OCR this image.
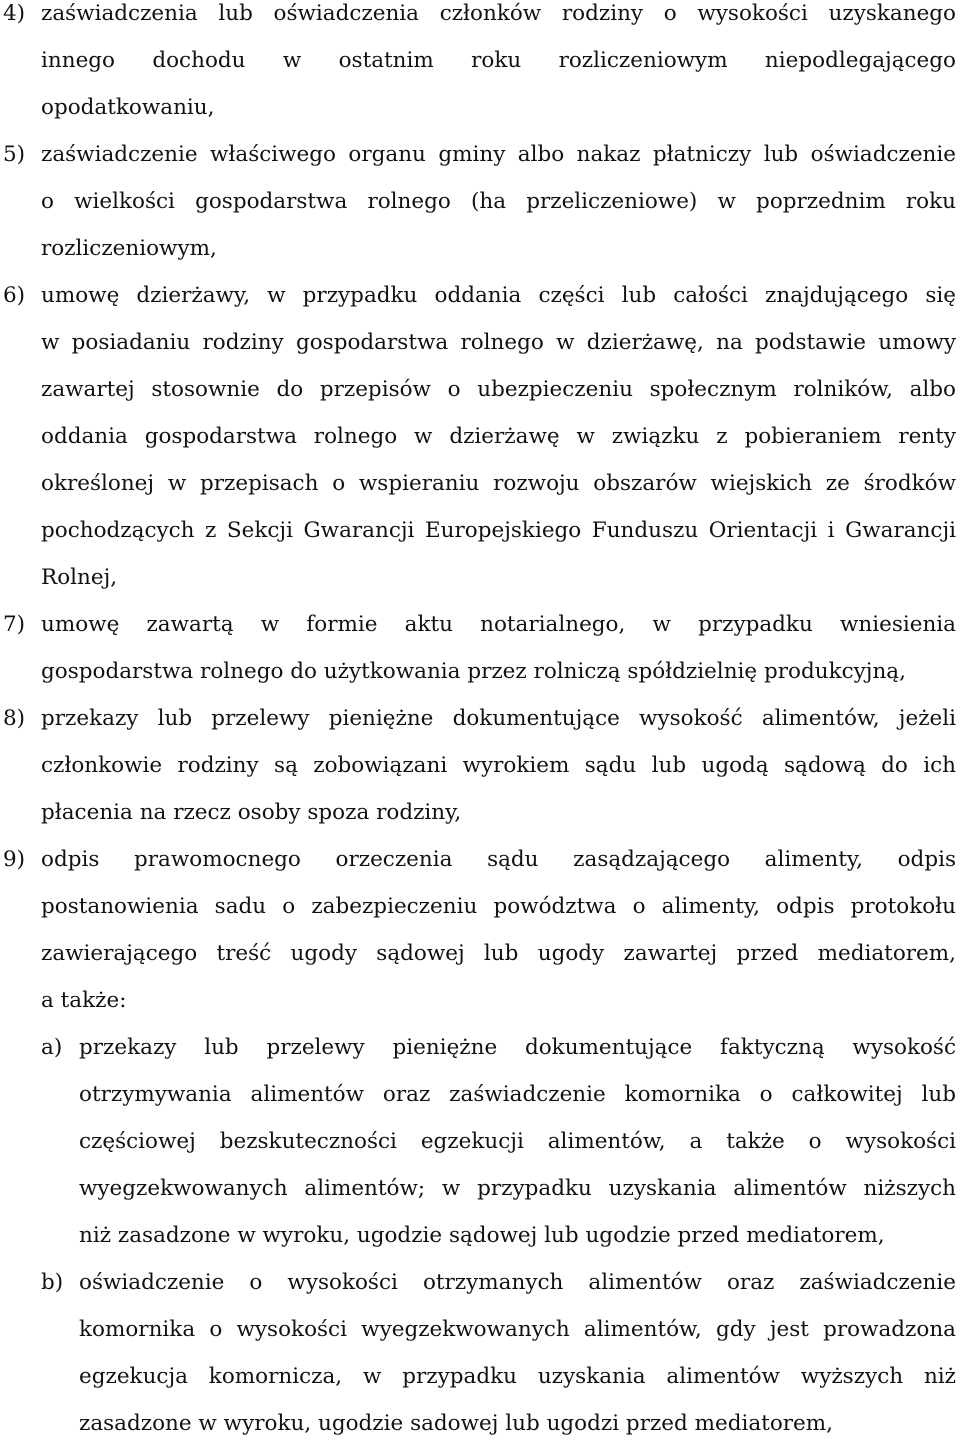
4) zaświadczenia lub oświadczenia członków rodziny o wysokości uzyskanego
innego dochodu w ostatnim roku rozliczeniowym niepodlegającego
opodatkowaniu,
5) zaświadczenie właściwego organu gminy albo nakaz płatniczy lub oświadczenie
o wielkości gospodarstwa rolnego (ha przeliczeniowe) w poprzednim roku
rozliczeniowym,
6) umowę dzierżawy, w przypadku oddania części lub całości znajdującego się
w posiadaniu rodziny gospodarstwa rolnego w dzierżawę, na podstawie umowy
zawartej stosownie do przepisów o ubezpieczeniu społecznym rolników, albo
oddania gospodarstwa rolnego w dzierżawę w związku z pobieraniem renty
określonej w przepisach o wspieraniu rozwoju obszarów wiejskich ze środków
pochodzących z Sekcji Gwarancji Europejskiego Funduszu Orientacji i Gwarancji
Rolnej,
7) umowę zawartą w formie aktu notarialnego, w przypadku wniesienia
gospodarstwa rolnego do użytkowania przez rolniczą spółdzielnię produkcyjną,
8) przekazy lub przelewy pieniężne dokumentujące wysokość alimentów, jeżeli
członkowie rodziny są zobowiązani wyrokiem sądu lub ugodą sądową do ich
płacenia na rzecz osoby spoza rodziny,
9) odpis prawomocnego orzeczenia sądu zasądzającego alimenty, odpis
postanowienia sadu o zabezpieczeniu powództwa o alimenty, odpis protokołu
zawierającego treść ugody sądowej lub ugody zawartej przed mediatorem,
a także:
a) przekazy lub przelewy pieniężne dokumentujące faktyczną wysokość
otrzymywania alimentów oraz zaświadczenie komornika o całkowitej lub
częściowej bezskuteczności egzekucji alimentów, a także o wysokości
wyegzekwowanych alimentów; w przypadku uzyskania alimentów niższych
niż zasadzone w wyroku, ugodzie sądowej lub ugodzie przed mediatorem,
b) oświadczenie o wysokości otrzymanych alimentów oraz zaświadczenie
komornika o wysokości wyegzekwowanych alimentów, gdy jest prowadzona
egzekucja komornicza, w przypadku uzyskania alimentów wyższych niż
zasadzone w wyroku, ugodzie sadowej lub ugodzi przed mediatorem,
